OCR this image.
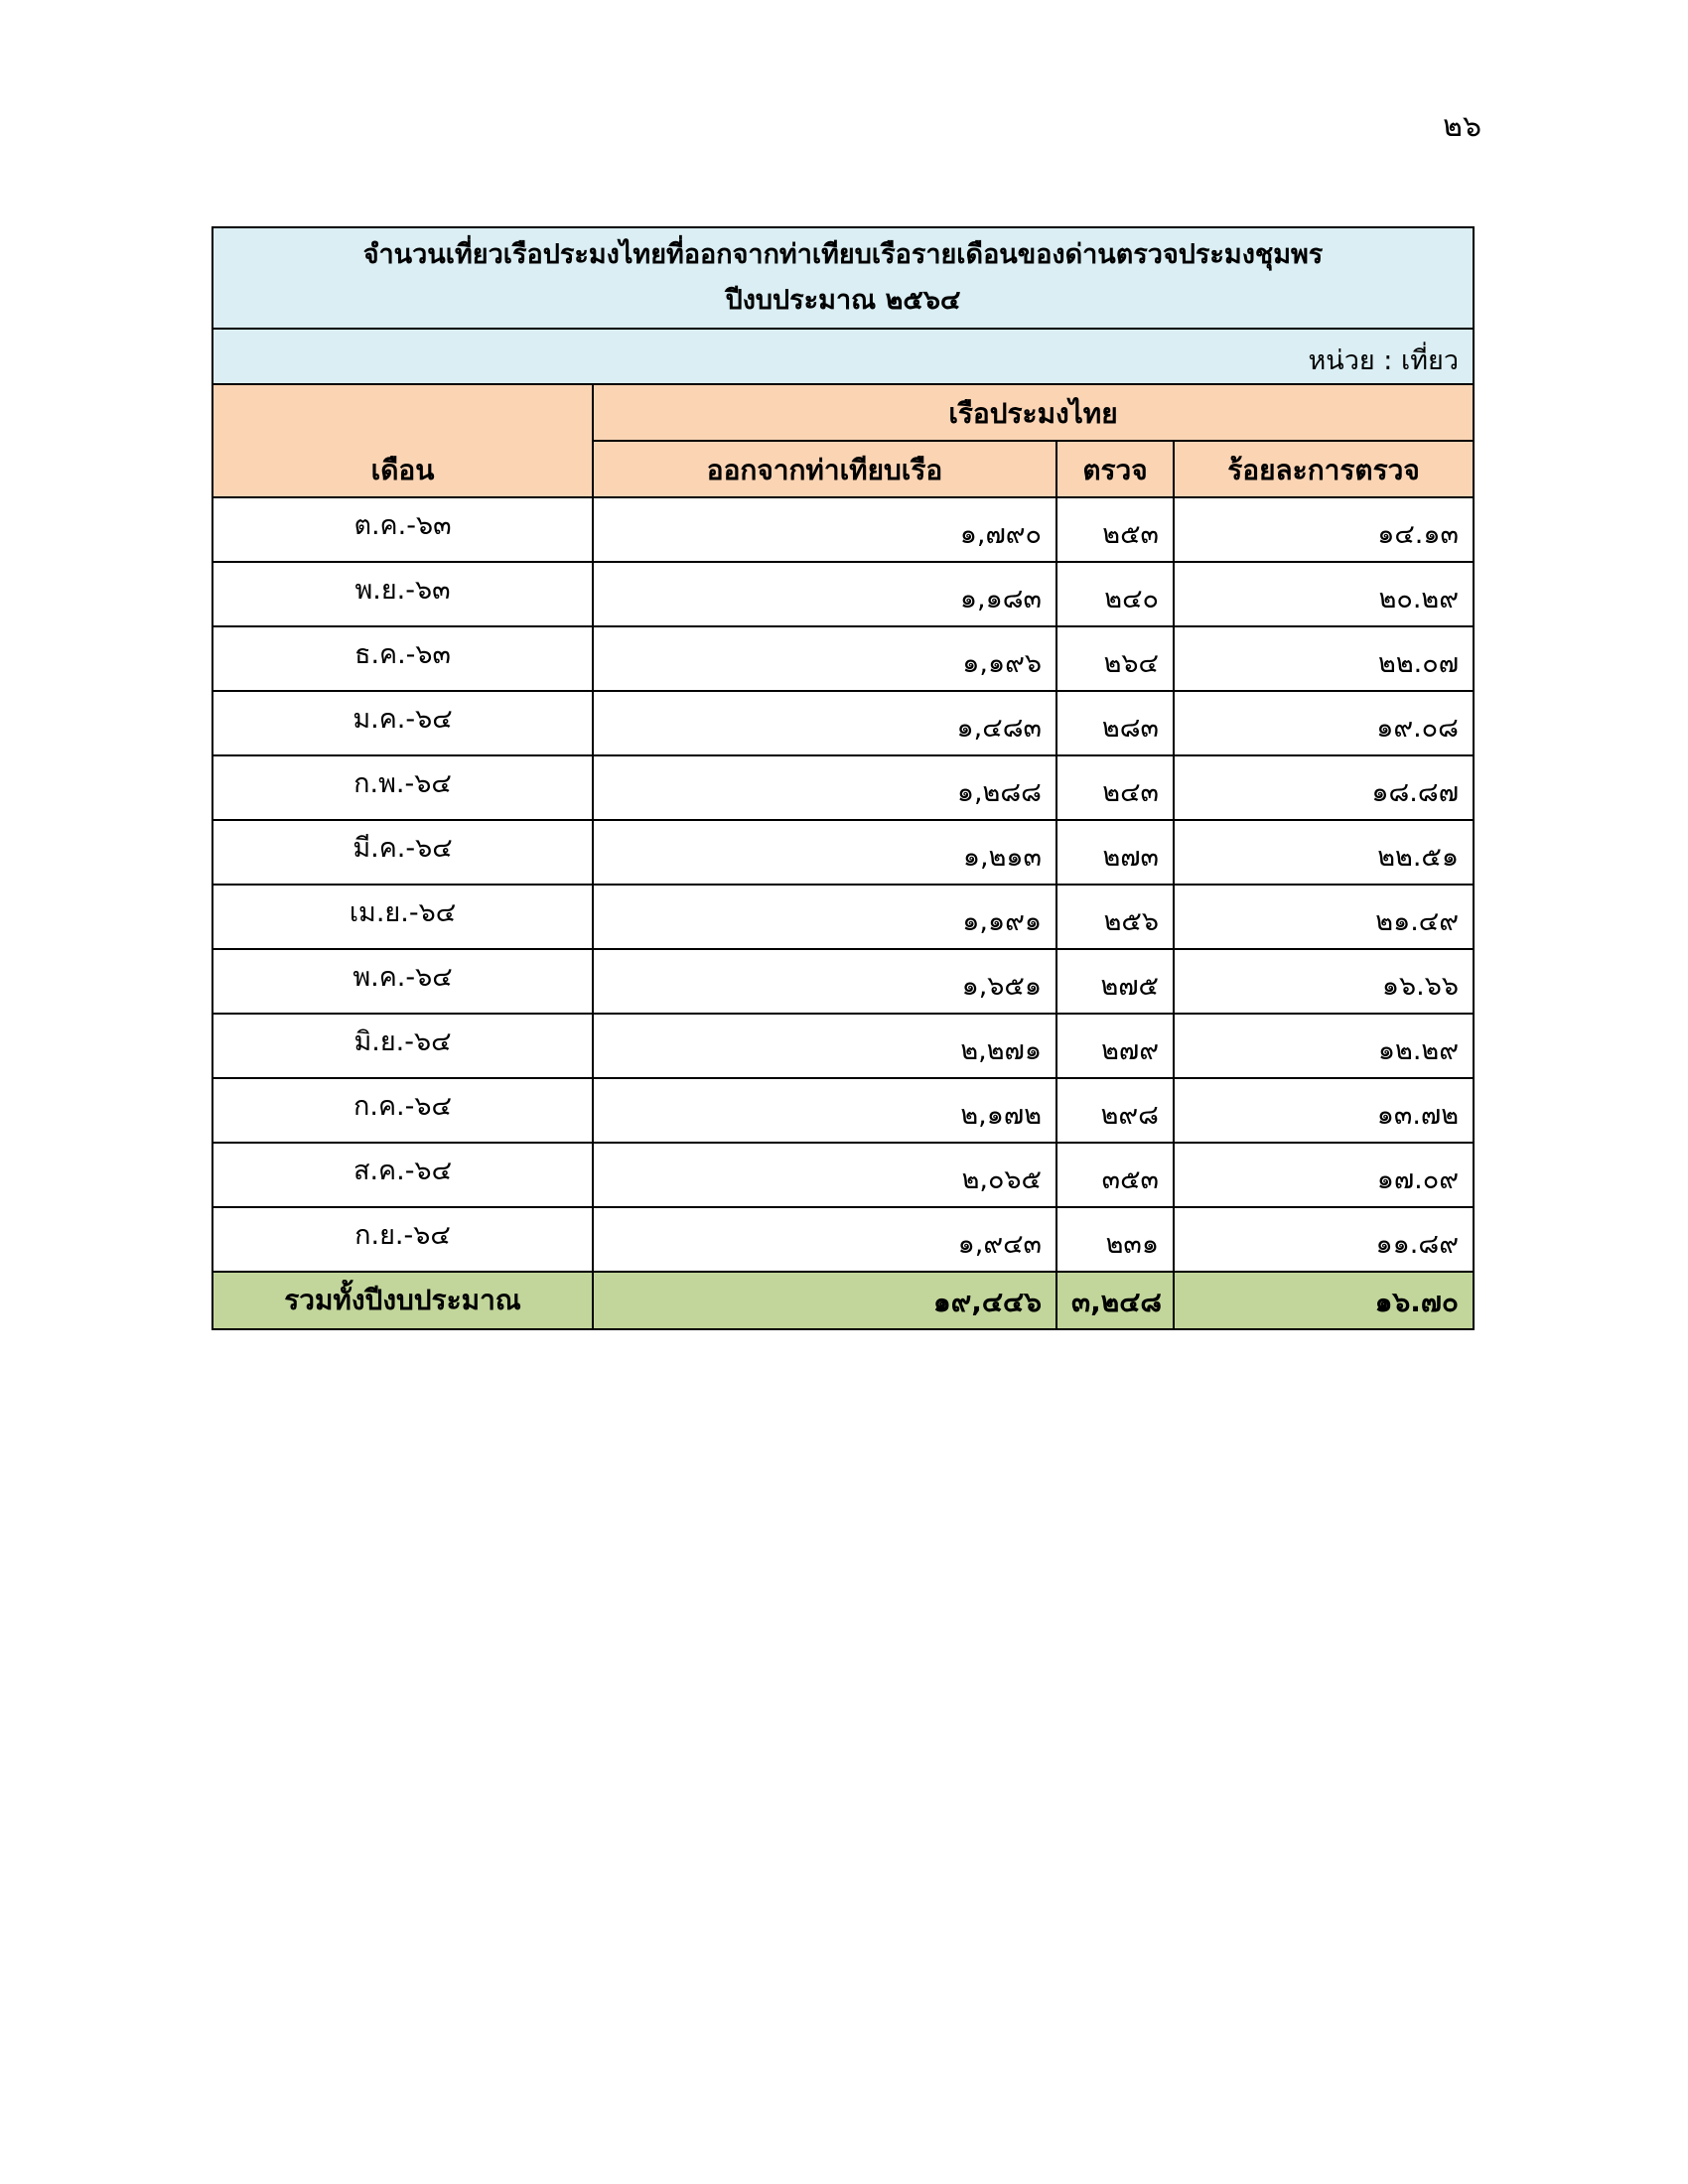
๒๖
จำนวนเที่ยวเรือประมงไทยที่ออกจากท่าเทียบเรือรายเดือนของด่านตรวจประมงชุมพร
ปีงบประมาณ ๒๕๖๔			

หน่วย : เที่ยว			
เดือน	เรือประมงไทย		
	ออกจากท่าเทียบเรือ	ตรวจ	ร้อยละการตรวจ
ต.ค.-๖๓	๑,๗๙๐	๒๕๓	๑๔.๑๓
พ.ย.-๖๓	๑,๑๘๓	๒๔๐	๒๐.๒๙
ธ.ค.-๖๓	๑,๑๙๖	๒๖๔	๒๒.๐๗
ม.ค.-๖๔	๑,๔๘๓	๒๘๓	๑๙.๐๘
ก.พ.-๖๔	๑,๒๘๘	๒๔๓	๑๘.๘๗
มี.ค.-๖๔	๑,๒๑๓	๒๗๓	๒๒.๕๑
เม.ย.-๖๔	๑,๑๙๑	๒๕๖	๒๑.๔๙
พ.ค.-๖๔	๑,๖๕๑	๒๗๕	๑๖.๖๖
มิ.ย.-๖๔	๒,๒๗๑	๒๗๙	๑๒.๒๙
ก.ค.-๖๔	๒,๑๗๒	๒๙๘	๑๓.๗๒
ส.ค.-๖๔	๒,๐๖๕	๓๕๓	๑๗.๐๙
ก.ย.-๖๔	๑,๙๔๓	๒๓๑	๑๑.๘๙
รวมทั้งปีงบประมาณ	๑๙,๔๔๖	๓,๒๔๘	๑๖.๗๐
